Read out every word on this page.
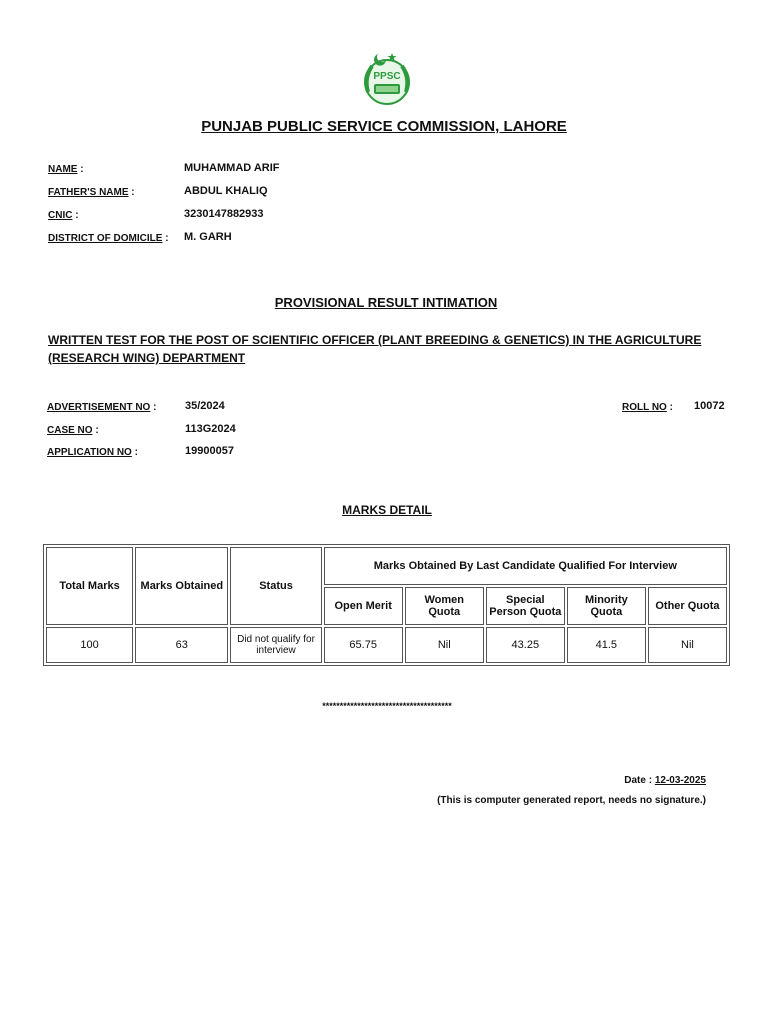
PPSC
PUNJAB PUBLIC SERVICE COMMISSION, LAHORE
NAME :	MUHAMMAD ARIF
FATHER'S NAME :	ABDUL KHALIQ
CNIC :	3230147882933
DISTRICT OF DOMICILE : M. GARH
PROVISIONAL RESULT INTIMATION
WRITTEN TEST FOR THE POST OF SCIENTIFIC OFFICER (PLANT BREEDING & GENETICS) IN THE AGRICULTURE (RESEARCH WING) DEPARTMENT
ADVERTISEMENT NO :	35/2024
CASE NO :	113G2024
APPLICATION NO :	19900057
ROLL NO : 10072
MARKS DETAIL
Total Marks	Marks Obtained	Status	Marks Obtained By Last Candidate Qualified For Interview				
			Open Merit	Women Quota	Special Person Quota	Minority Quota	Other Quota
100	63	Did not qualify for interview	65.75	Nil	43.25	41.5	Nil
*************************************
Date : 12-03-2025
(This is computer generated report, needs no signature.)
